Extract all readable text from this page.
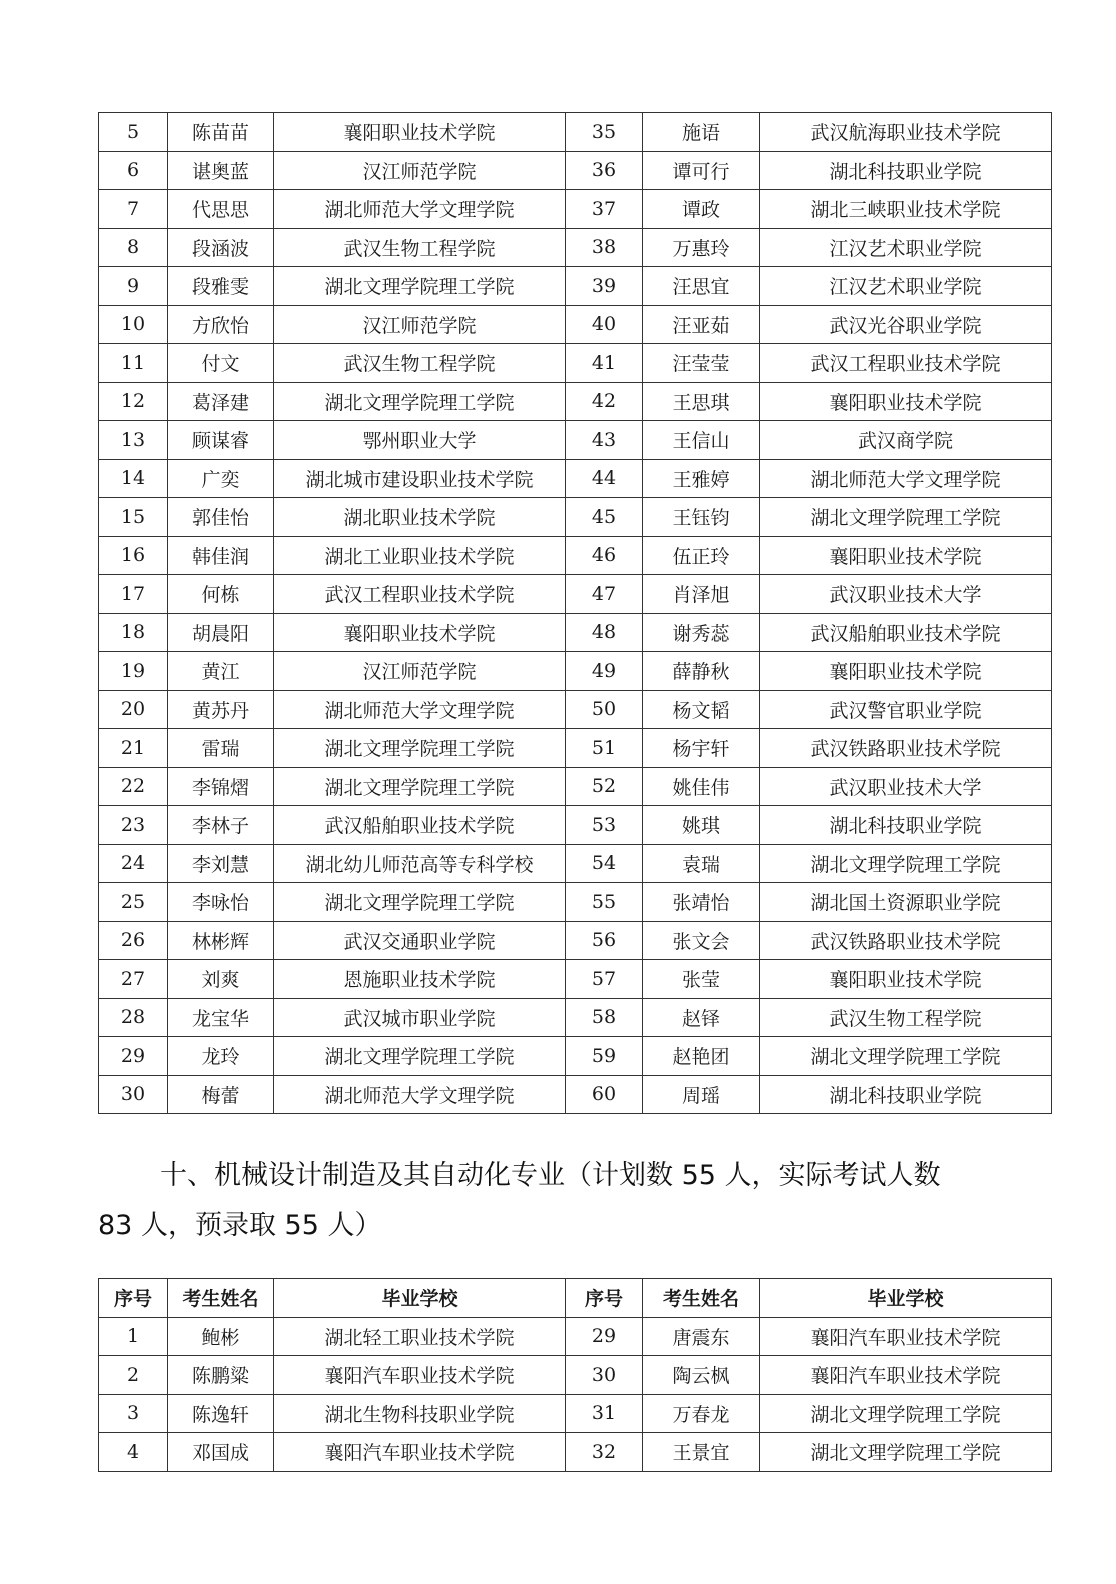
5	陈苗苗	襄阳职业技术学院	35	施语	武汉航海职业技术学院
6	谌奥蓝	汉江师范学院	36	谭可行	湖北科技职业学院
7	代思思	湖北师范大学文理学院	37	谭政	湖北三峡职业技术学院
8	段涵波	武汉生物工程学院	38	万惠玲	江汉艺术职业学院
9	段雅雯	湖北文理学院理工学院	39	汪思宜	江汉艺术职业学院
10	方欣怡	汉江师范学院	40	汪亚茹	武汉光谷职业学院
11	付文	武汉生物工程学院	41	汪莹莹	武汉工程职业技术学院
12	葛泽建	湖北文理学院理工学院	42	王思琪	襄阳职业技术学院
13	顾谋睿	鄂州职业大学	43	王信山	武汉商学院
14	广奕	湖北城市建设职业技术学院	44	王雅婷	湖北师范大学文理学院
15	郭佳怡	湖北职业技术学院	45	王钰钧	湖北文理学院理工学院
16	韩佳润	湖北工业职业技术学院	46	伍正玲	襄阳职业技术学院
17	何栋	武汉工程职业技术学院	47	肖泽旭	武汉职业技术大学
18	胡晨阳	襄阳职业技术学院	48	谢秀蕊	武汉船舶职业技术学院
19	黄江	汉江师范学院	49	薛静秋	襄阳职业技术学院
20	黄苏丹	湖北师范大学文理学院	50	杨文韬	武汉警官职业学院
21	雷瑞	湖北文理学院理工学院	51	杨宇轩	武汉铁路职业技术学院
22	李锦熠	湖北文理学院理工学院	52	姚佳伟	武汉职业技术大学
23	李林子	武汉船舶职业技术学院	53	姚琪	湖北科技职业学院
24	李刘慧	湖北幼儿师范高等专科学校	54	袁瑞	湖北文理学院理工学院
25	李咏怡	湖北文理学院理工学院	55	张靖怡	湖北国土资源职业学院
26	林彬辉	武汉交通职业学院	56	张文会	武汉铁路职业技术学院
27	刘爽	恩施职业技术学院	57	张莹	襄阳职业技术学院
28	龙宝华	武汉城市职业学院	58	赵铎	武汉生物工程学院
29	龙玲	湖北文理学院理工学院	59	赵艳团	湖北文理学院理工学院
30	梅蕾	湖北师范大学文理学院	60	周瑶	湖北科技职业学院
十、机械设计制造及其自动化专业（计划数 55 人，实际考试人数
83 人，预录取 55 人）
序号	考生姓名	毕业学校	序号	考生姓名	毕业学校
1	鲍彬	湖北轻工职业技术学院	29	唐震东	襄阳汽车职业技术学院
2	陈鹏粱	襄阳汽车职业技术学院	30	陶云枫	襄阳汽车职业技术学院
3	陈逸轩	湖北生物科技职业学院	31	万春龙	湖北文理学院理工学院
4	邓国成	襄阳汽车职业技术学院	32	王景宜	湖北文理学院理工学院
